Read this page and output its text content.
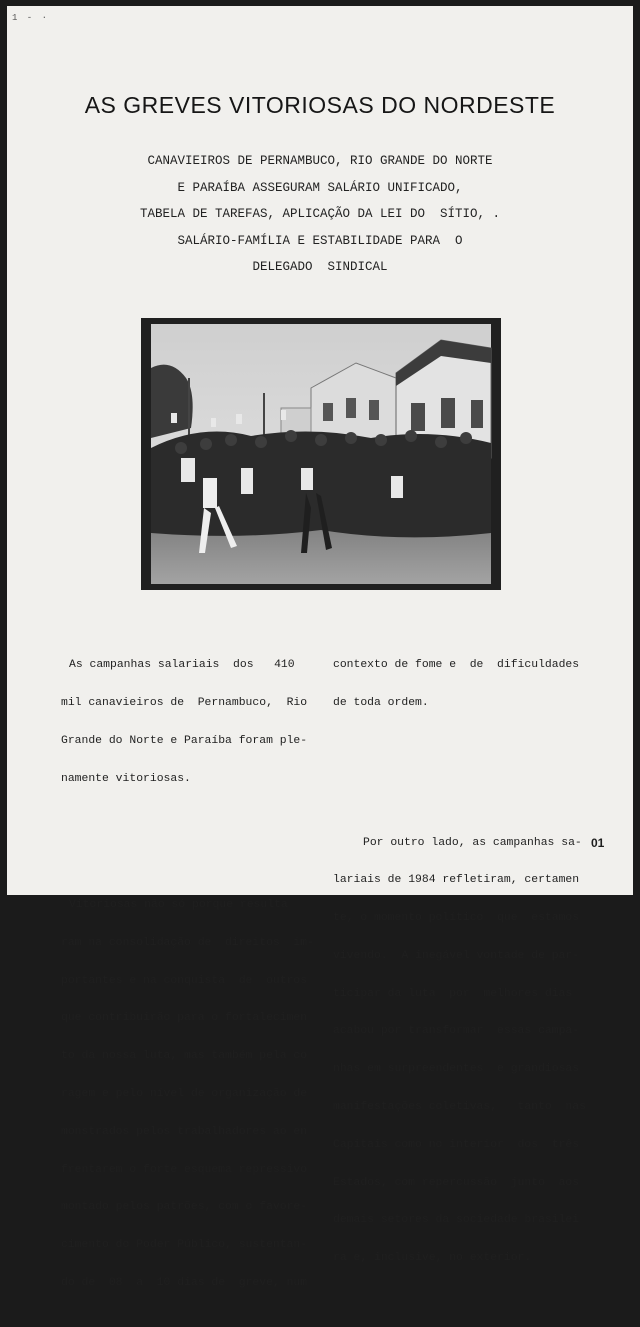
1 - ·
AS GREVES VITORIOSAS DO NORDESTE
CANAVIEIROS DE PERNAMBUCO, RIO GRANDE DO NORTE
E PARAÍBA ASSEGURAM SALÁRIO UNIFICADO,
TABELA DE TAREFAS, APLICAÇÃO DA LEI DO  SÍTIO, .
SALÁRIO-FAMÍLIA E ESTABILIDADE PARA  O
DELEGADO  SINDICAL

As campanhas salariais  dos   410

mil canavieiros de  Pernambuco,  Rio

Grande do Norte e Paraíba foram ple-

namente vitoriosas.

Vitoriosas não só porque resulta

ram na consolidação de  direitos  im-

portantes e na conquista  de  outros

que contribuirão para o fortalecimen

to da nossa luta, mas também pela co

ragem e pelo nível de organização de

monstrados pelos trabalhadores ao en

frentarem o forte esquema repressivo

montado pelos patrões, com o favore-

cimento do Poder Público, sustentan-

do de  08  a  10 dias de  greve, num

contexto de fome e  de  dificuldades

de toda ordem.

Por outro lado, as campanhas sa-

lariais de 1984 refletiram, certamen

te, o momento político  que  estamos

vivendo.  A inegável vontade de par-

ticipar da luta  por  melhores dias

acabou por transformar  essas campa-

nhas em surpreendentes  e grandiosas

manifestações coletivas,   tanto  nas

Capitais como no interior  dos  três

Estados, com repercussão  junto  aos

demais setores da sociedade brasilei

ra e, inclusive, no exterior.

01
